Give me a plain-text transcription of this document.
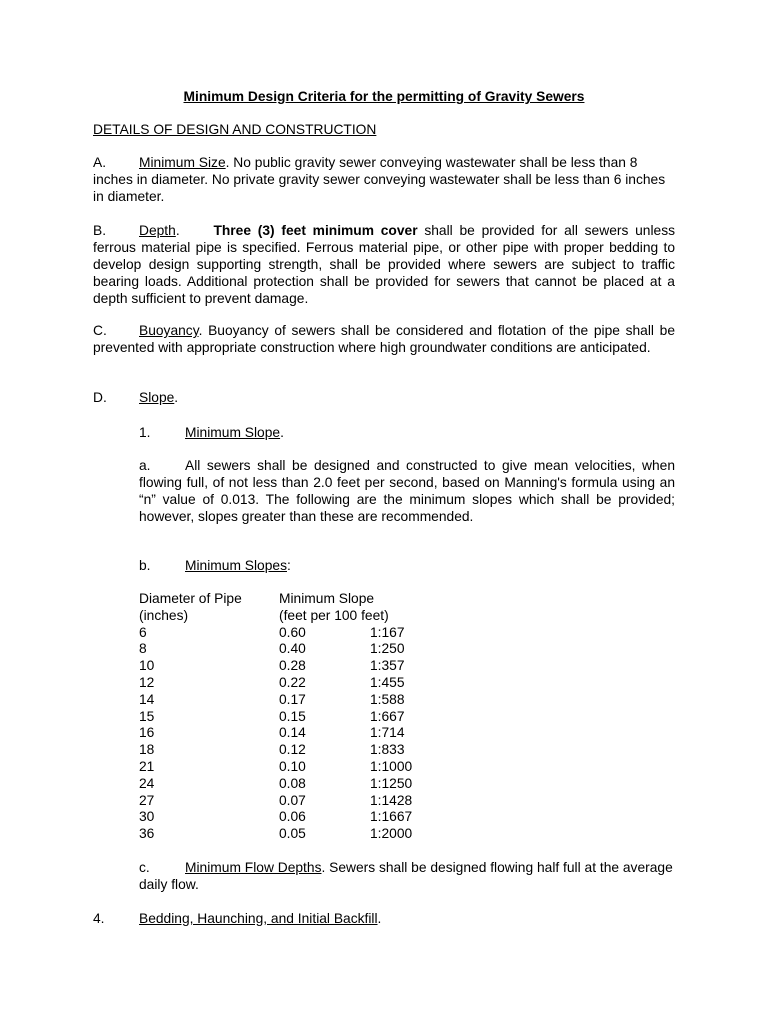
Minimum Design Criteria for the permitting of Gravity Sewers
DETAILS OF DESIGN AND CONSTRUCTION
A. Minimum Size. No public gravity sewer conveying wastewater shall be less than 8 inches in diameter. No private gravity sewer conveying wastewater shall be less than 6 inches in diameter.
B. Depth.     Three (3) feet minimum cover shall be provided for all sewers unless ferrous material pipe is specified. Ferrous material pipe, or other pipe with proper bedding to develop design supporting strength, shall be provided where sewers are subject to traffic bearing loads. Additional protection shall be provided for sewers that cannot be placed at a depth sufficient to prevent damage.
C. Buoyancy. Buoyancy of sewers shall be considered and flotation of the pipe shall be prevented with appropriate construction where high groundwater conditions are anticipated.
D. Slope.
1. Minimum Slope.
a. All sewers shall be designed and constructed to give mean velocities, when flowing full, of not less than 2.0 feet per second, based on Manning's formula using an “n” value of 0.013. The following are the minimum slopes which shall be provided; however, slopes greater than these are recommended.
b. Minimum Slopes:
Diameter of Pipe	Minimum Slope
(inches)	(feet per 100 feet)
6	0.60	1:167
8	0.40	1:250
10	0.28	1:357
12	0.22	1:455
14	0.17	1:588
15	0.15	1:667
16	0.14	1:714
18	0.12	1:833
21	0.10	1:1000
24	0.08	1:1250
27	0.07	1:1428
30	0.06	1:1667
36	0.05	1:2000
c.	Minimum Flow Depths. Sewers shall be designed flowing half full at the average daily flow.
4. Bedding, Haunching, and Initial Backfill.
